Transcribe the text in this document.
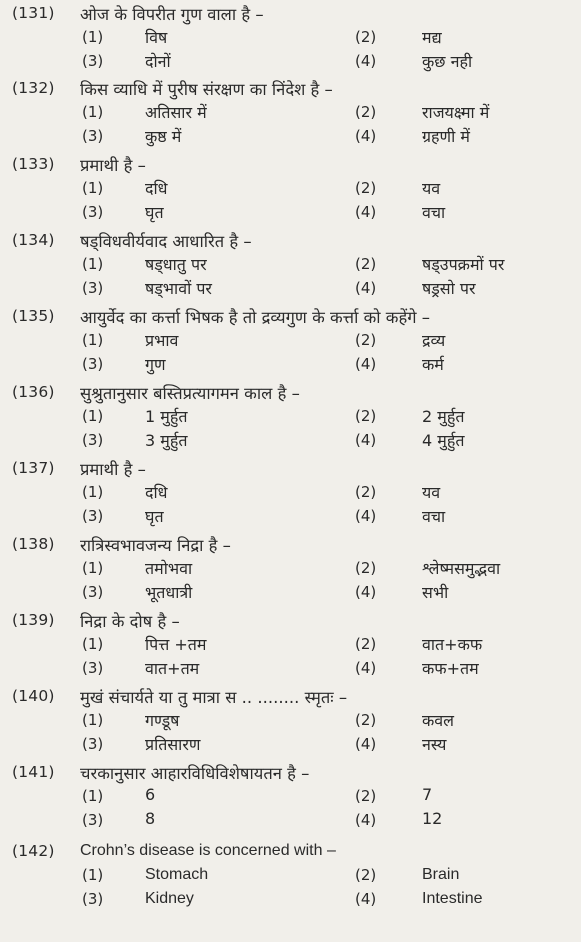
(131) ओज के विपरीत गुण वाला है –
(1)	विष	(2)	मद्य
(3)	दोनों	(4)	कुछ नही
(132) किस व्याधि में पुरीष संरक्षण का निंदेश है –
(1)	अतिसार में	(2)	राजयक्ष्मा में
(3)	कुष्ठ में	(4)	ग्रहणी में
(133) प्रमाथी है –
(1)	दधि	(2)	यव
(3)	घृत	(4)	वचा
(134) षड्विधवीर्यवाद आधारित है –
(1)	षड्धातु पर	(2)	षड्उपक्रमों पर
(3)	षड्भावों पर	(4)	षड्रसो पर
(135) आयुर्वेद का कर्त्ता भिषक है तो द्रव्यगुण के कर्त्ता को कहेंगे –
(1)	प्रभाव	(2)	द्रव्य
(3)	गुण	(4)	कर्म
(136) सुश्रुतानुसार बस्तिप्रत्यागमन काल है –
(1)	1 मुर्हुत	(2)	2 मुर्हुत
(3)	3 मुर्हुत	(4)	4 मुर्हुत
(137) प्रमाथी है –
(1)	दधि	(2)	यव
(3)	घृत	(4)	वचा
(138) रात्रिस्वभावजन्य निद्रा है –
(1)	तमोभवा	(2)	श्लेष्मसमुद्भवा
(3)	भूतधात्री	(4)	सभी
(139) निद्रा के दोष है –
(1)	पित्त +तम	(2)	वात+कफ
(3)	वात+तम	(4)	कफ+तम
(140) मुखं संचार्यते या तु मात्रा स .. ........ स्मृतः –
(1)	गण्डूष	(2)	कवल
(3)	प्रतिसारण	(4)	नस्य
(141) चरकानुसार आहारविधिविशेषायतन है –
(1)	6	(2)	7
(3)	8	(4)	12
(142) Crohn’s disease is concerned with –
(1)	Stomach	(2)	Brain
(3)	Kidney	(4)	Intestine
